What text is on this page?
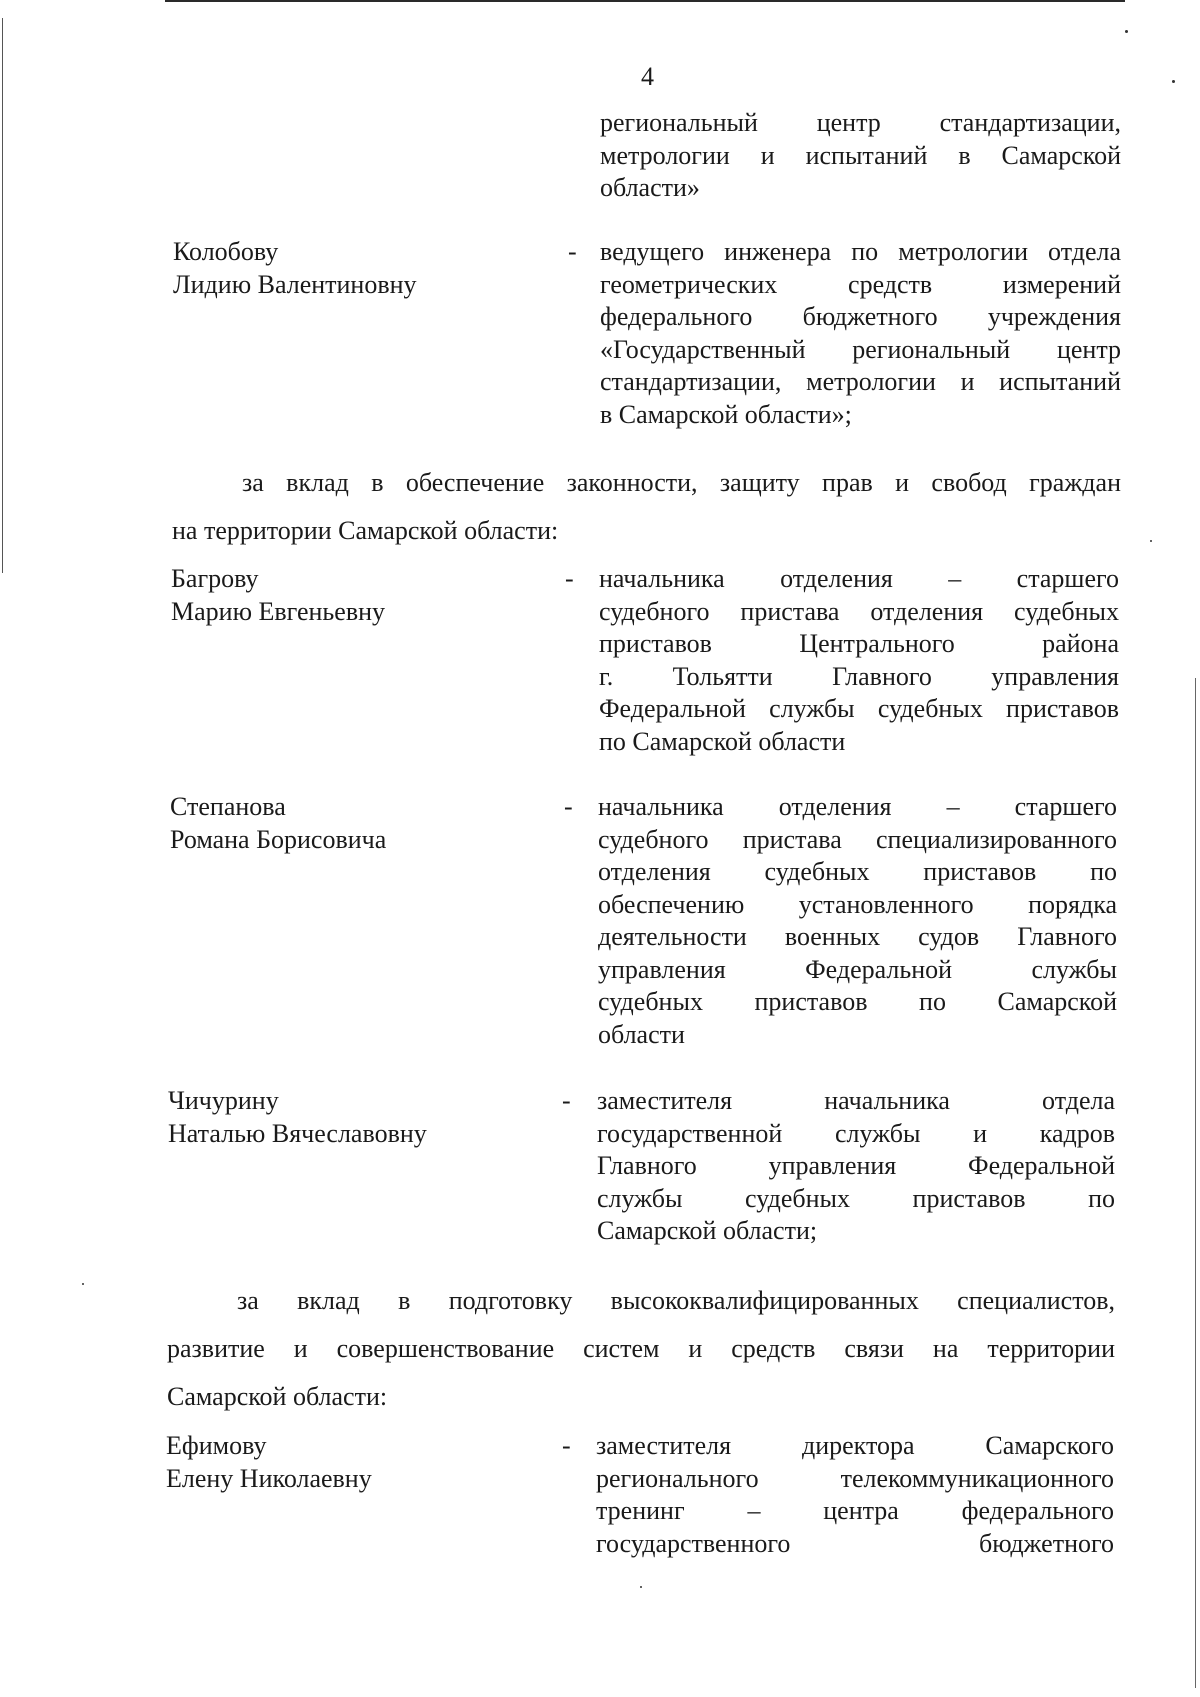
4
региональный центр стандартизации,
метрологии и испытаний в Самарской
области»
Колобову
Лидию Валентиновну
- ведущего инженера по метрологии отдела
геометрических средств измерений
федерального бюджетного учреждения
«Государственный региональный центр
стандартизации, метрологии и испытаний
в Самарской области»;
за вклад в обеспечение законности, защиту прав и свобод граждан
на территории Самарской области:
Багрову
Марию Евгеньевну
- начальника отделения – старшего
судебного пристава отделения судебных
приставов Центрального района
г. Тольятти Главного управления
Федеральной службы судебных приставов
по Самарской области
Степанова
Романа Борисовича
- начальника отделения – старшего
судебного пристава специализированного
отделения судебных приставов по
обеспечению установленного порядка
деятельности военных судов Главного
управления Федеральной службы
судебных приставов по Самарской
области
Чичурину
Наталью Вячеславовну
- заместителя начальника отдела
государственной службы и кадров
Главного управления Федеральной
службы судебных приставов по
Самарской области;
за вклад в подготовку высококвалифицированных специалистов,
развитие и совершенствование систем и средств связи на территории
Самарской области:
Ефимову
Елену Николаевну
- заместителя директора Самарского
регионального телекоммуникационного
тренинг – центра федерального
государственного бюджетного
